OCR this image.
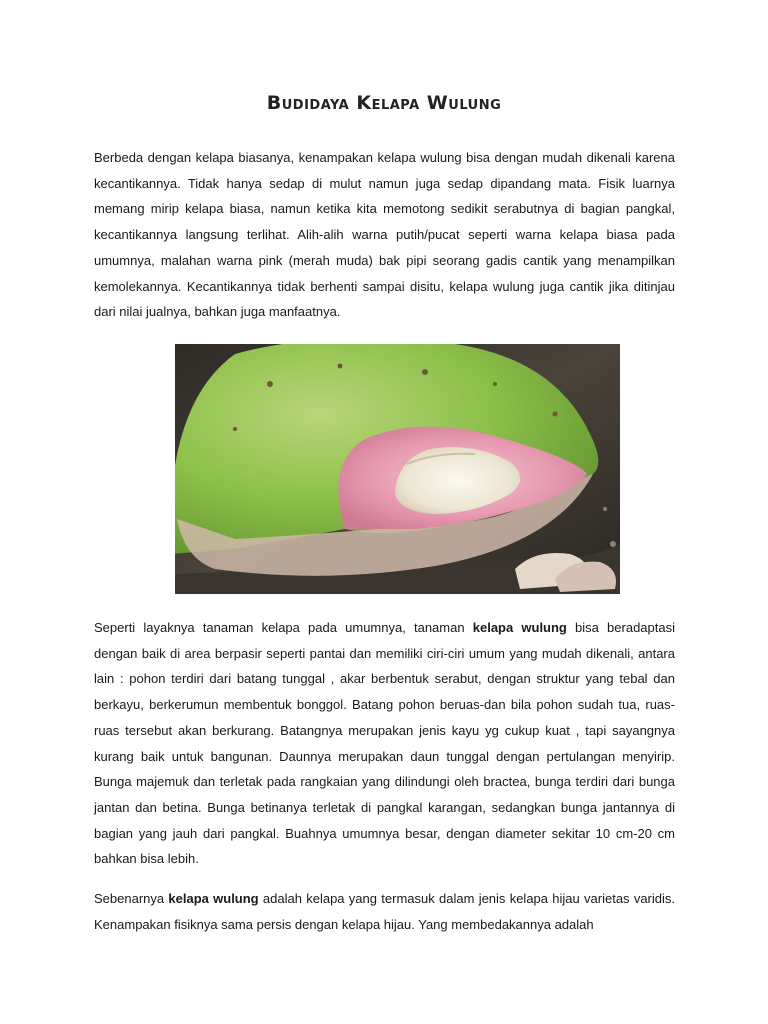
Budidaya Kelapa Wulung

Berbeda dengan kelapa biasanya, kenampakan kelapa wulung bisa dengan mudah dikenali karena kecantikannya. Tidak hanya sedap di mulut namun juga sedap dipandang mata. Fisik luarnya memang mirip kelapa biasa, namun ketika kita memotong sedikit serabutnya di bagian pangkal, kecantikannya langsung terlihat. Alih-alih warna putih/pucat seperti warna kelapa biasa pada umumnya, malahan warna pink (merah muda) bak pipi seorang gadis cantik yang menampilkan kemolekannya. Kecantikannya tidak berhenti sampai disitu, kelapa wulung juga cantik jika ditinjau dari nilai jualnya, bahkan juga manfaatnya.

Seperti layaknya tanaman kelapa pada umumnya, tanaman kelapa wulung bisa beradaptasi dengan baik di area berpasir seperti pantai dan memiliki ciri-ciri umum yang mudah dikenali, antara lain : pohon terdiri dari batang tunggal , akar berbentuk serabut, dengan struktur yang tebal dan berkayu, berkerumun membentuk bonggol. Batang pohon beruas-dan bila pohon sudah tua, ruas-ruas tersebut akan berkurang. Batangnya merupakan jenis kayu yg cukup kuat , tapi sayangnya kurang baik untuk bangunan. Daunnya merupakan daun tunggal dengan pertulangan menyirip. Bunga majemuk dan terletak pada rangkaian yang dilindungi oleh bractea, bunga terdiri dari bunga jantan dan betina. Bunga betinanya terletak di pangkal karangan, sedangkan bunga jantannya di bagian yang jauh dari pangkal. Buahnya umumnya besar, dengan diameter sekitar 10 cm-20 cm bahkan bisa lebih.

Sebenarnya kelapa wulung adalah kelapa yang termasuk dalam jenis kelapa hijau varietas varidis. Kenampakan fisiknya sama persis dengan kelapa hijau. Yang membedakannya adalah
